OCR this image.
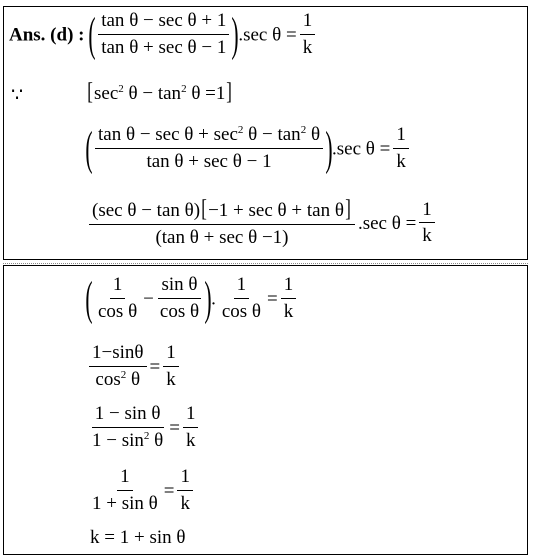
Ans. (d) : ( $\frac{\text{tan θ − sec θ + 1}}{\text{tan θ + sec θ − 1}} ).\sec$ $\theta = \frac{1}{k}$
∵	[$\sec^2$ $\theta - \tan^2 \theta =1$]
( $\frac{\tan \theta - \sec \theta + \sec^2 \theta - \tan^2 \theta}{\text{tan θ + sec θ − 1}} ).\sec$ $\theta = \frac{1}{k}$
$\frac{\text{(sec θ − tan θ)[−1 + sec θ + tan θ]}}{\text{(tan θ + sec θ −1)}} .\sec$ $\theta = \frac{1}{k}$
( $\frac{1}{\text{cos θ}} - \frac{\text{sin θ}}{\text{cos θ}}$ ). $\frac{1}{\text{cos θ}} = \frac{1}{k}$
$\frac{1-\sin\theta}{\cos^2 \theta} = \frac{1}{k}$
$\frac{\text{1 − sin θ}}{1 - \sin^2 \theta} = \frac{1}{k}$
$\frac{1}{\text{1 + sin θ}} = \frac{1}{k}$
k = 1 + sin θ
